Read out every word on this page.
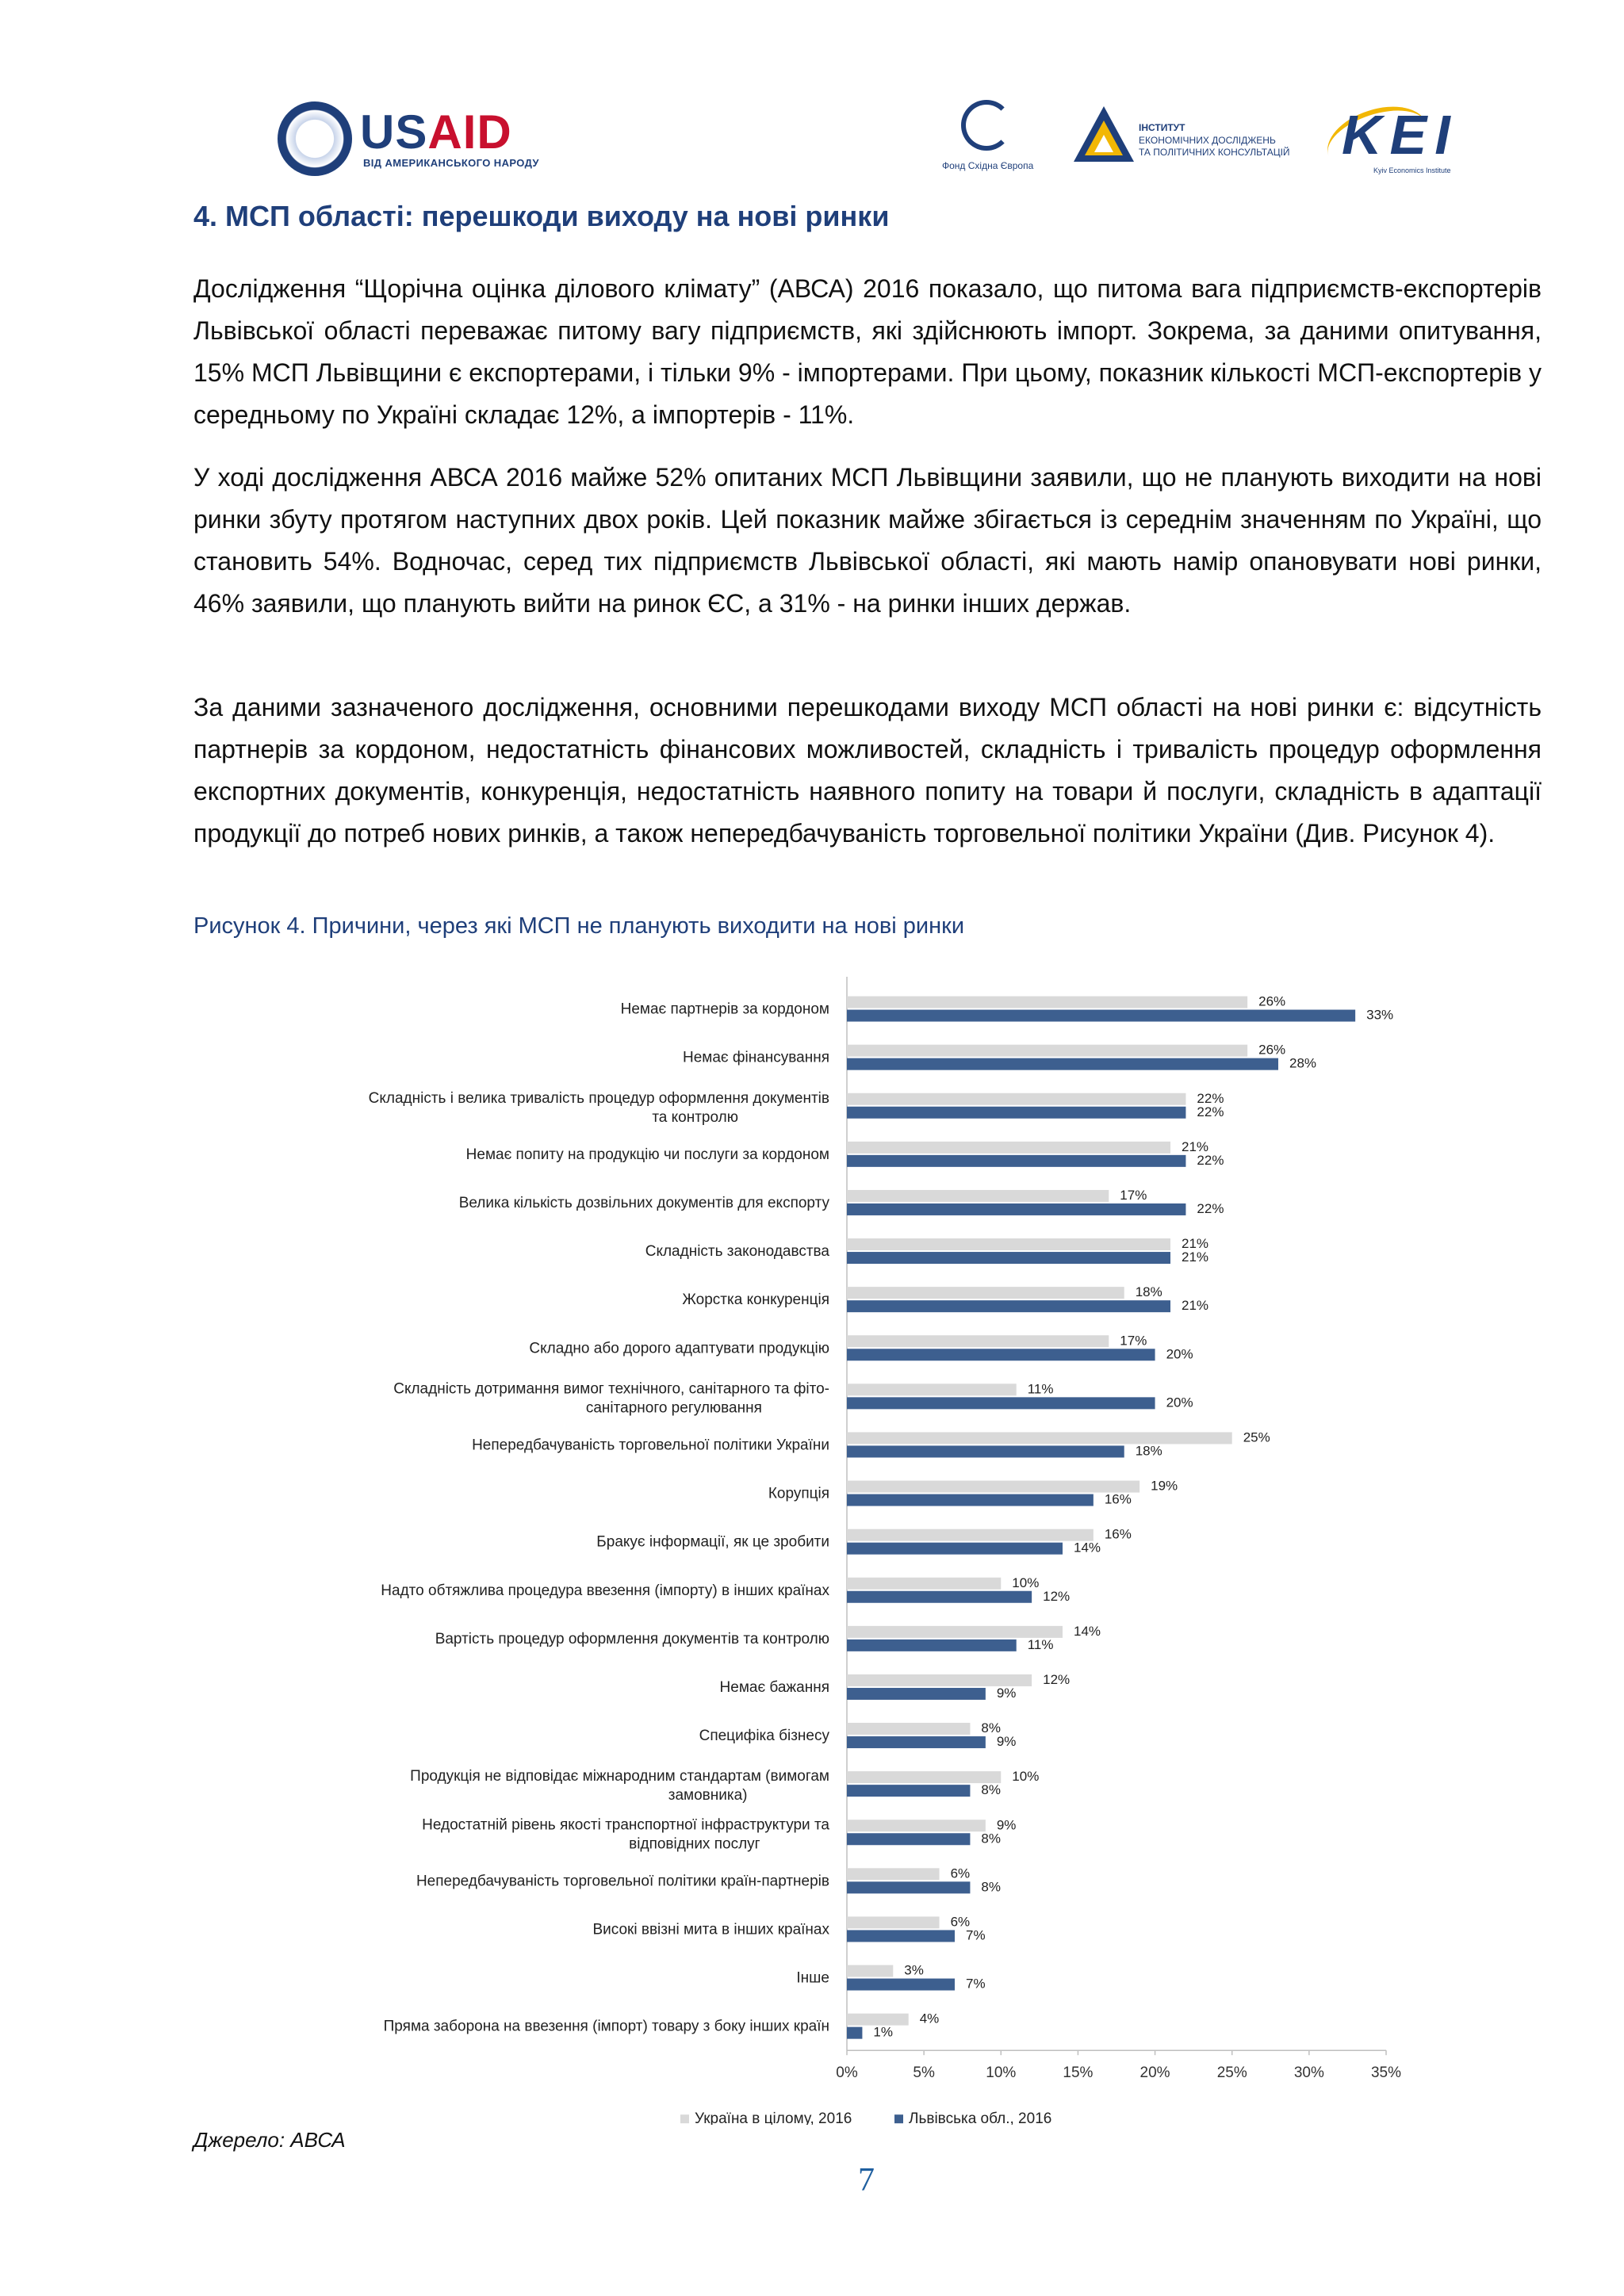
USAID
ВІД АМЕРИКАНСЬКОГО НАРОДУ	Фонд Східна Європа
ІНСТИТУТ
ЕКОНОМІЧНИХ ДОСЛІДЖЕНЬ
ТА ПОЛІТИЧНИХ КОНСУЛЬТАЦІЙ KEI
Kyiv Economics Institute
4. МСП області: перешкоди виходу на нові ринки

Дослідження “Щорічна оцінка ділового клімату” (АВСА) 2016 показало, що питома вага підприємств-експортерів Львівської області переважає питому вагу підприємств, які здійснюють імпорт. Зокрема, за даними опитування, 15% МСП Львівщини є експортерами, і тільки 9% - імпортерами. При цьому, показник кількості МСП-експортерів у середньому по Україні складає 12%, а імпортерів - 11%.

У ході дослідження АВСА 2016 майже 52% опитаних МСП Львівщини заявили, що не планують виходити на нові ринки збуту протягом наступних двох років. Цей показник майже збігається із середнім значенням по Україні, що становить 54%. Водночас, серед тих підприємств Львівської області, які мають намір опановувати нові ринки, 46% заявили, що планують вийти на ринок ЄС, а 31% - на ринки інших держав.

За даними зазначеного дослідження, основними перешкодами виходу МСП області на нові ринки є: відсутність партнерів за кордоном, недостатність фінансових можливостей, складність і тривалість процедур оформлення експортних документів, конкуренція, недостатність наявного попиту на товари й послуги, складність в адаптації продукції до потреб нових ринків, а також непередбачуваність торговельної політики України (Див. Рисунок 4).

Рисунок 4. Причини, через які МСП не планують виходити на нові ринки
0%	5%	10%	15%	20%	25%	30%	35%
Немає партнерів за кордоном	26%
33%
Немає фінансування	26%
28%
Складність і велика тривалість процедур оформлення документів
та контролю
22%
22%
Немає попиту на продукцію чи послуги за кордоном	21%
22%
Велика кількість дозвільних документів для експорту	17%
22%
Складність законодавства	21%
21%
Жорстка конкуренція	18%
21%
Складно або дорого адаптувати продукцію	17%
20%
Складність дотримання вимог технічного, санітарного та фіто-
санітарного регулювання
11%
20%
Непередбачуваність торговельної політики України	25%
18%
Корупція	19%
16%
Бракує інформації, як це зробити	16%
14%
Надто обтяжлива процедура ввезення (імпорту) в інших країнах	10%
12%
Вартість процедур оформлення документів та контролю	14%
11%
Немає бажання	12%
9%
Специфіка бізнесу	8%
9%
Продукція не відповідає міжнародним стандартам (вимогам
замовника)
10%
8%
Недостатній рівень якості транспортної інфраструктури та
відповідних послуг
9%
8%
Непередбачуваність торговельної політики країн-партнерів	6%
8%
Високі ввізні мита в інших країнах	6%
7%
Інше	3%
7%
Пряма заборона на ввезення (імпорт) товару з боку інших країн	4%
1%
Україна в цілому, 2016	Львівська обл., 2016
Джерело: АВСА
7
